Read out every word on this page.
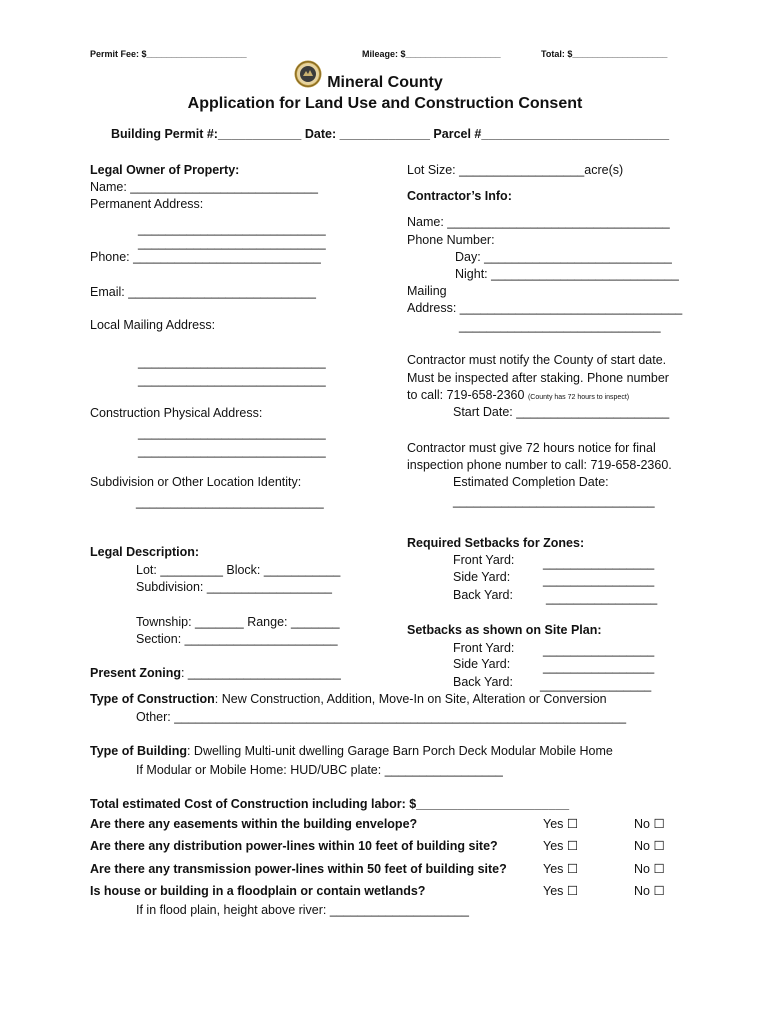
Permit Fee: $____________________	Mileage: $___________________	Total: $___________________
Mineral County
Application for Land Use and Construction Consent
Building Permit #:____________ Date: _____________ Parcel #___________________________
Legal Owner of Property:
Name: ___________________________
Permanent Address:
___________________________
___________________________
Phone: ___________________________
Email: ___________________________
Local Mailing Address:
___________________________
___________________________
Construction Physical Address:
___________________________
___________________________
Subdivision or Other Location Identity:
___________________________
Legal Description:
Lot: _________ Block: ___________
Subdivision: __________________
Township: _______ Range: _______
Section: ______________________
Present Zoning: ______________________
Lot Size: __________________acre(s)
Contractor’s Info:
Name: ________________________________
Phone Number:
Day: ___________________________
Night: ___________________________
Mailing
Address: ________________________________
_____________________________
Contractor must notify the County of start date.
Must be inspected after staking. Phone number
to call: 719-658-2360 (County has 72 hours to inspect)
Start Date: ______________________
Contractor must give 72 hours notice for final
inspection phone number to call: 719-658-2360.
Estimated Completion Date:
_____________________________
Required Setbacks for Zones:
Front Yard: ________________
Side Yard:	________________
Back Yard:	________________
Setbacks as shown on Site Plan:
Front Yard: ________________
Side Yard:	________________
Back Yard: ________________
Type of Construction: New Construction, Addition, Move-In on Site, Alteration or Conversion
Other: _________________________________________________________________
Type of Building: Dwelling Multi-unit dwelling Garage Barn Porch Deck Modular Mobile Home
If Modular or Mobile Home: HUD/UBC plate: _________________
Total estimated Cost of Construction including labor: $______________________
Are there any easements within the building envelope?	Yes ☐	No ☐
Are there any distribution power-lines within 10 feet of building site?	Yes ☐	No ☐
Are there any transmission power-lines within 50 feet of building site?	Yes ☐	No ☐
Is house or building in a floodplain or contain wetlands?	Yes ☐	No ☐
If in flood plain, height above river: ____________________
